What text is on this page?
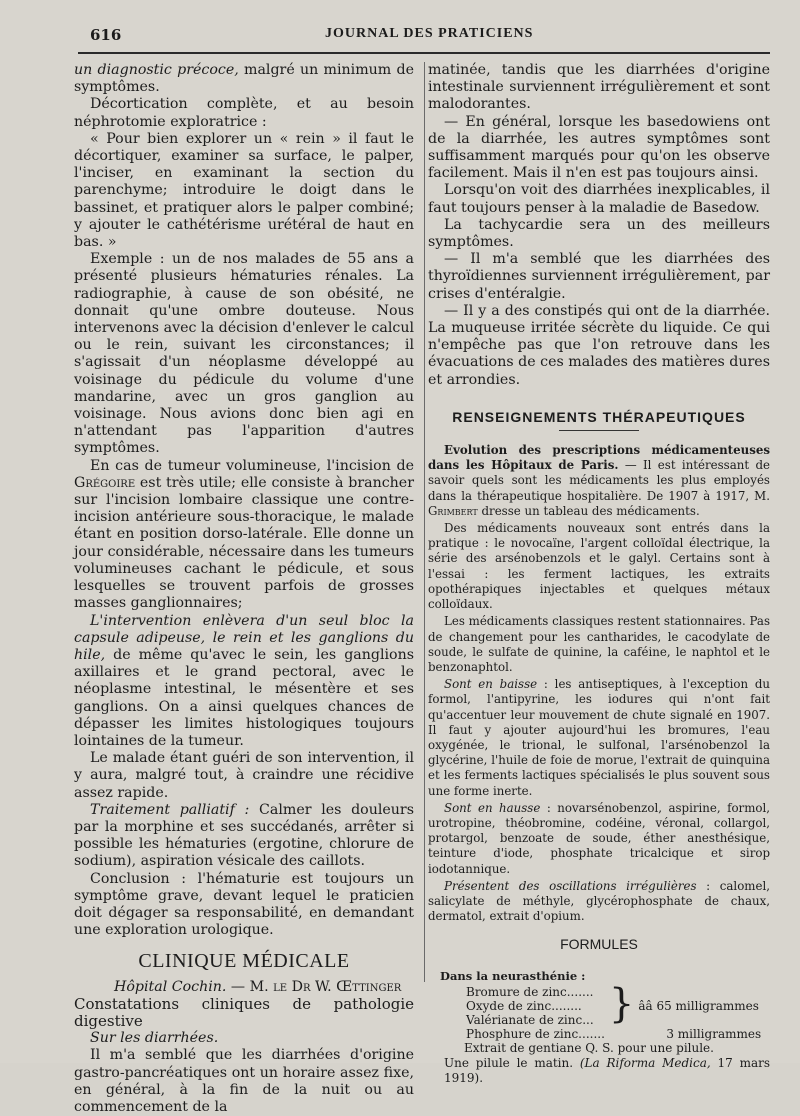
616	JOURNAL DES PRATICIENS

un diagnostic précoce, malgré un minimum de symptômes.

Décortication complète, et au besoin néphrotomie exploratrice :

« Pour bien explorer un « rein » il faut le décortiquer, examiner sa surface, le palper, l'inciser, en examinant la section du parenchyme; introduire le doigt dans le bassinet, et pratiquer alors le palper combiné; y ajouter le cathétérisme urétéral de haut en bas. »

Exemple : un de nos malades de 55 ans a présenté plusieurs hématuries rénales. La radiographie, à cause de son obésité, ne donnait qu'une ombre douteuse. Nous intervenons avec la décision d'enlever le calcul ou le rein, suivant les circonstances; il s'agissait d'un néoplasme développé au voisinage du pédicule du volume d'une mandarine, avec un gros ganglion au voisinage. Nous avions donc bien agi en n'attendant pas l'apparition d'autres symptômes.

En cas de tumeur volumineuse, l'incision de Grégoire est très utile; elle consiste à brancher sur l'incision lombaire classique une contre-incision antérieure sous-thoracique, le malade étant en position dorso-latérale. Elle donne un jour considérable, nécessaire dans les tumeurs volumineuses cachant le pédicule, et sous lesquelles se trouvent parfois de grosses masses ganglionnaires;

L'intervention enlèvera d'un seul bloc la capsule adipeuse, le rein et les ganglions du hile, de même qu'avec le sein, les ganglions axillaires et le grand pectoral, avec le néoplasme intestinal, le mésentère et ses ganglions. On a ainsi quelques chances de dépasser les limites histologiques toujours lointaines de la tumeur.

Le malade étant guéri de son intervention, il y aura, malgré tout, à craindre une récidive assez rapide.

Traitement palliatif : Calmer les douleurs par la morphine et ses succédanés, arrêter si possible les hématuries (ergotine, chlorure de sodium), aspiration vésicale des caillots.

Conclusion : l'hématurie est toujours un symptôme grave, devant lequel le praticien doit dégager sa responsabilité, en demandant une exploration urologique.

CLINIQUE MÉDICALE

Hôpital Cochin. — M. le Dr W. Œttinger

Constatations cliniques de pathologie digestive

Sur les diarrhées.

Il m'a semblé que les diarrhées d'origine gastro-pancréatiques ont un horaire assez fixe, en général, à la fin de la nuit ou au commencement de la

matinée, tandis que les diarrhées d'origine intestinale surviennent irrégulièrement et sont malodorantes.

— En général, lorsque les basedowiens ont de la diarrhée, les autres symptômes sont suffisamment marqués pour qu'on les observe facilement. Mais il n'en est pas toujours ainsi.

Lorsqu'on voit des diarrhées inexplicables, il faut toujours penser à la maladie de Basedow.

La tachycardie sera un des meilleurs symptômes.

— Il m'a semblé que les diarrhées des thyroïdiennes surviennent irrégulièrement, par crises d'entéralgie.

— Il y a des constipés qui ont de la diarrhée. La muqueuse irritée sécrète du liquide. Ce qui n'empêche pas que l'on retrouve dans les évacuations de ces malades des matières dures et arrondies.

RENSEIGNEMENTS THÉRAPEUTIQUES

Evolution des prescriptions médicamenteuses dans les Hôpitaux de Paris. — Il est intéressant de savoir quels sont les médicaments les plus employés dans la thérapeutique hospitalière. De 1907 à 1917, M. Grimbert dresse un tableau des médicaments.

Des médicaments nouveaux sont entrés dans la pratique : le novocaïne, l'argent colloïdal électrique, la série des arsénobenzols et le galyl. Certains sont à l'essai : les ferment lactiques, les extraits opothérapiques injectables et quelques métaux colloïdaux.

Les médicaments classiques restent stationnaires. Pas de changement pour les cantharides, le cacodylate de soude, le sulfate de quinine, la caféine, le naphtol et le benzonaphtol.

Sont en baisse : les antiseptiques, à l'exception du formol, l'antipyrine, les iodures qui n'ont fait qu'accentuer leur mouvement de chute signalé en 1907. Il faut y ajouter aujourd'hui les bromures, l'eau oxygénée, le trional, le sulfonal, l'arsénobenzol la glycérine, l'huile de foie de morue, l'extrait de quinquina et les ferments lactiques spécialisés le plus souvent sous une forme inerte.

Sont en hausse : novarsénobenzol, aspirine, formol, urotropine, théobromine, codéine, véronal, collargol, protargol, benzoate de soude, éther anesthésique, teinture d'iode, phosphate tricalcique et sirop iodotannique.

Présentent des oscillations irrégulières : calomel, salicylate de méthyle, glycérophosphate de chaux, dermatol, extrait d'opium.

FORMULES
Dans la neurasthénie :
Bromure de zinc.......	}	ââ 65 milligrammes
Oxyde de zinc........		
Valérianate de zinc...		
Phosphure de zinc.......		3 milligrammes

Extrait de gentiane Q. S. pour une pilule.

Une pilule le matin. (La Riforma Medica, 17 mars 1919).
